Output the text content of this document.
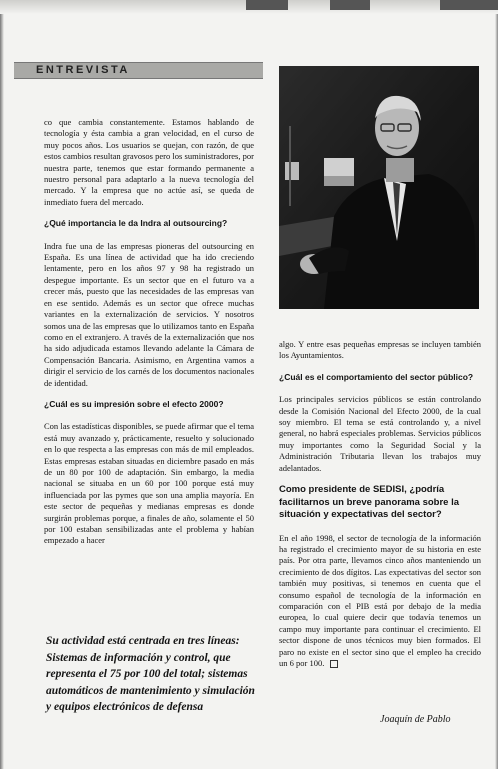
ENTREVISTA

co que cambia constantemente. Estamos hablando de tecnología y ésta cambia a gran velocidad, en el curso de muy pocos años. Los usuarios se quejan, con razón, de que estos cambios resultan gravosos pero los suministradores, por nuestra parte, tenemos que estar formando permanente a nuestro personal para adaptarlo a la nueva tecnología del mercado. Y la empresa que no actúe así, se queda de inmediato fuera del mercado.

¿Qué importancia le da Indra al outsourcing?

Indra fue una de las empresas pioneras del outsourcing en España. Es una línea de actividad que ha ido creciendo lentamente, pero en los años 97 y 98 ha registrado un despegue importante. Es un sector que en el futuro va a crecer más, puesto que las necesidades de las empresas van en ese sentido. Además es un sector que ofrece muchas variantes en la externalización de servicios. Y nosotros somos una de las empresas que lo utilizamos tanto en España como en el extranjero. A través de la externalización que nos ha sido adjudicada estamos llevando adelante la Cámara de Compensación Bancaria. Asimismo, en Argentina vamos a dirigir el servicio de los carnés de los documentos nacionales de identidad.

¿Cuál es su impresión sobre el efecto 2000?

Con las estadísticas disponibles, se puede afirmar que el tema está muy avanzado y, prácticamente, resuelto y solucionado en lo que respecta a las empresas con más de mil empleados. Estas empresas estaban situadas en diciembre pasado en más de un 80 por 100 de adaptación. Sin embargo, la media nacional se situaba en un 60 por 100 porque está muy influenciada por las pymes que son una amplia mayoría. En este sector de pequeñas y medianas empresas es donde surgirán problemas porque, a finales de año, solamente el 50 por 100 estaban sensibilizadas ante el problema y habían empezado a hacer

Su actividad está centrada en tres líneas: Sistemas de información y control, que representa el 75 por 100 del total; sistemas automáticos de mantenimiento y simulación y equipos electrónicos de defensa

algo. Y entre esas pequeñas empresas se incluyen también los Ayuntamientos.

¿Cuál es el comportamiento del sector público?

Los principales servicios públicos se están controlando desde la Comisión Nacional del Efecto 2000, de la cual soy miembro. El tema se está controlando y, a nivel general, no habrá especiales problemas. Servicios públicos muy importantes como la Seguridad Social y la Administración Tributaria llevan los trabajos muy adelantados.

Como presidente de SEDISI, ¿podría facilitarnos un breve panorama sobre la situación y expectativas del sector?

En el año 1998, el sector de tecnología de la información ha registrado el crecimiento mayor de su historia en este país. Por otra parte, llevamos cinco años manteniendo un crecimiento de dos dígitos. Las expectativas del sector son también muy positivas, si tenemos en cuenta que el consumo español de tecnología de la información en comparación con el PIB está por debajo de la media europea, lo cual quiere decir que todavía tenemos un campo muy importante para continuar el crecimiento. El sector dispone de unos técnicos muy bien formados. El paro no existe en el sector sino que el empleo ha crecido un 6 por 100.

Joaquín de Pablo
